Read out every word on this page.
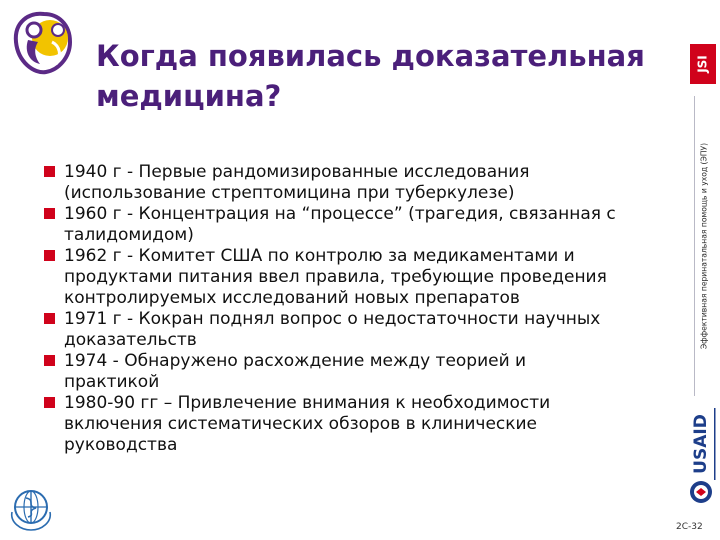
Когда появилась доказательная
медицина?
JSI
Эффективная перинатальная помощь и уход (ЭПУ)
1940 г - Первые рандомизированные исследования
(использование стрептомицина при туберкулезе)
1960 г - Концентрация на “процессе” (трагедия, связанная с
талидомидом)
1962 г - Комитет США по контролю за медикаментами и
продуктами питания ввел правила, требующие проведения
контролируемых исследований новых препаратов
1971 г - Кокран поднял вопрос о недостаточности научных
доказательств
1974 - Обнаружено расхождение между теорией и
практикой
1980-90 гг – Привлечение внимания к необходимости
включения систематических обзоров в клинические
руководства	USAID
2C-32
